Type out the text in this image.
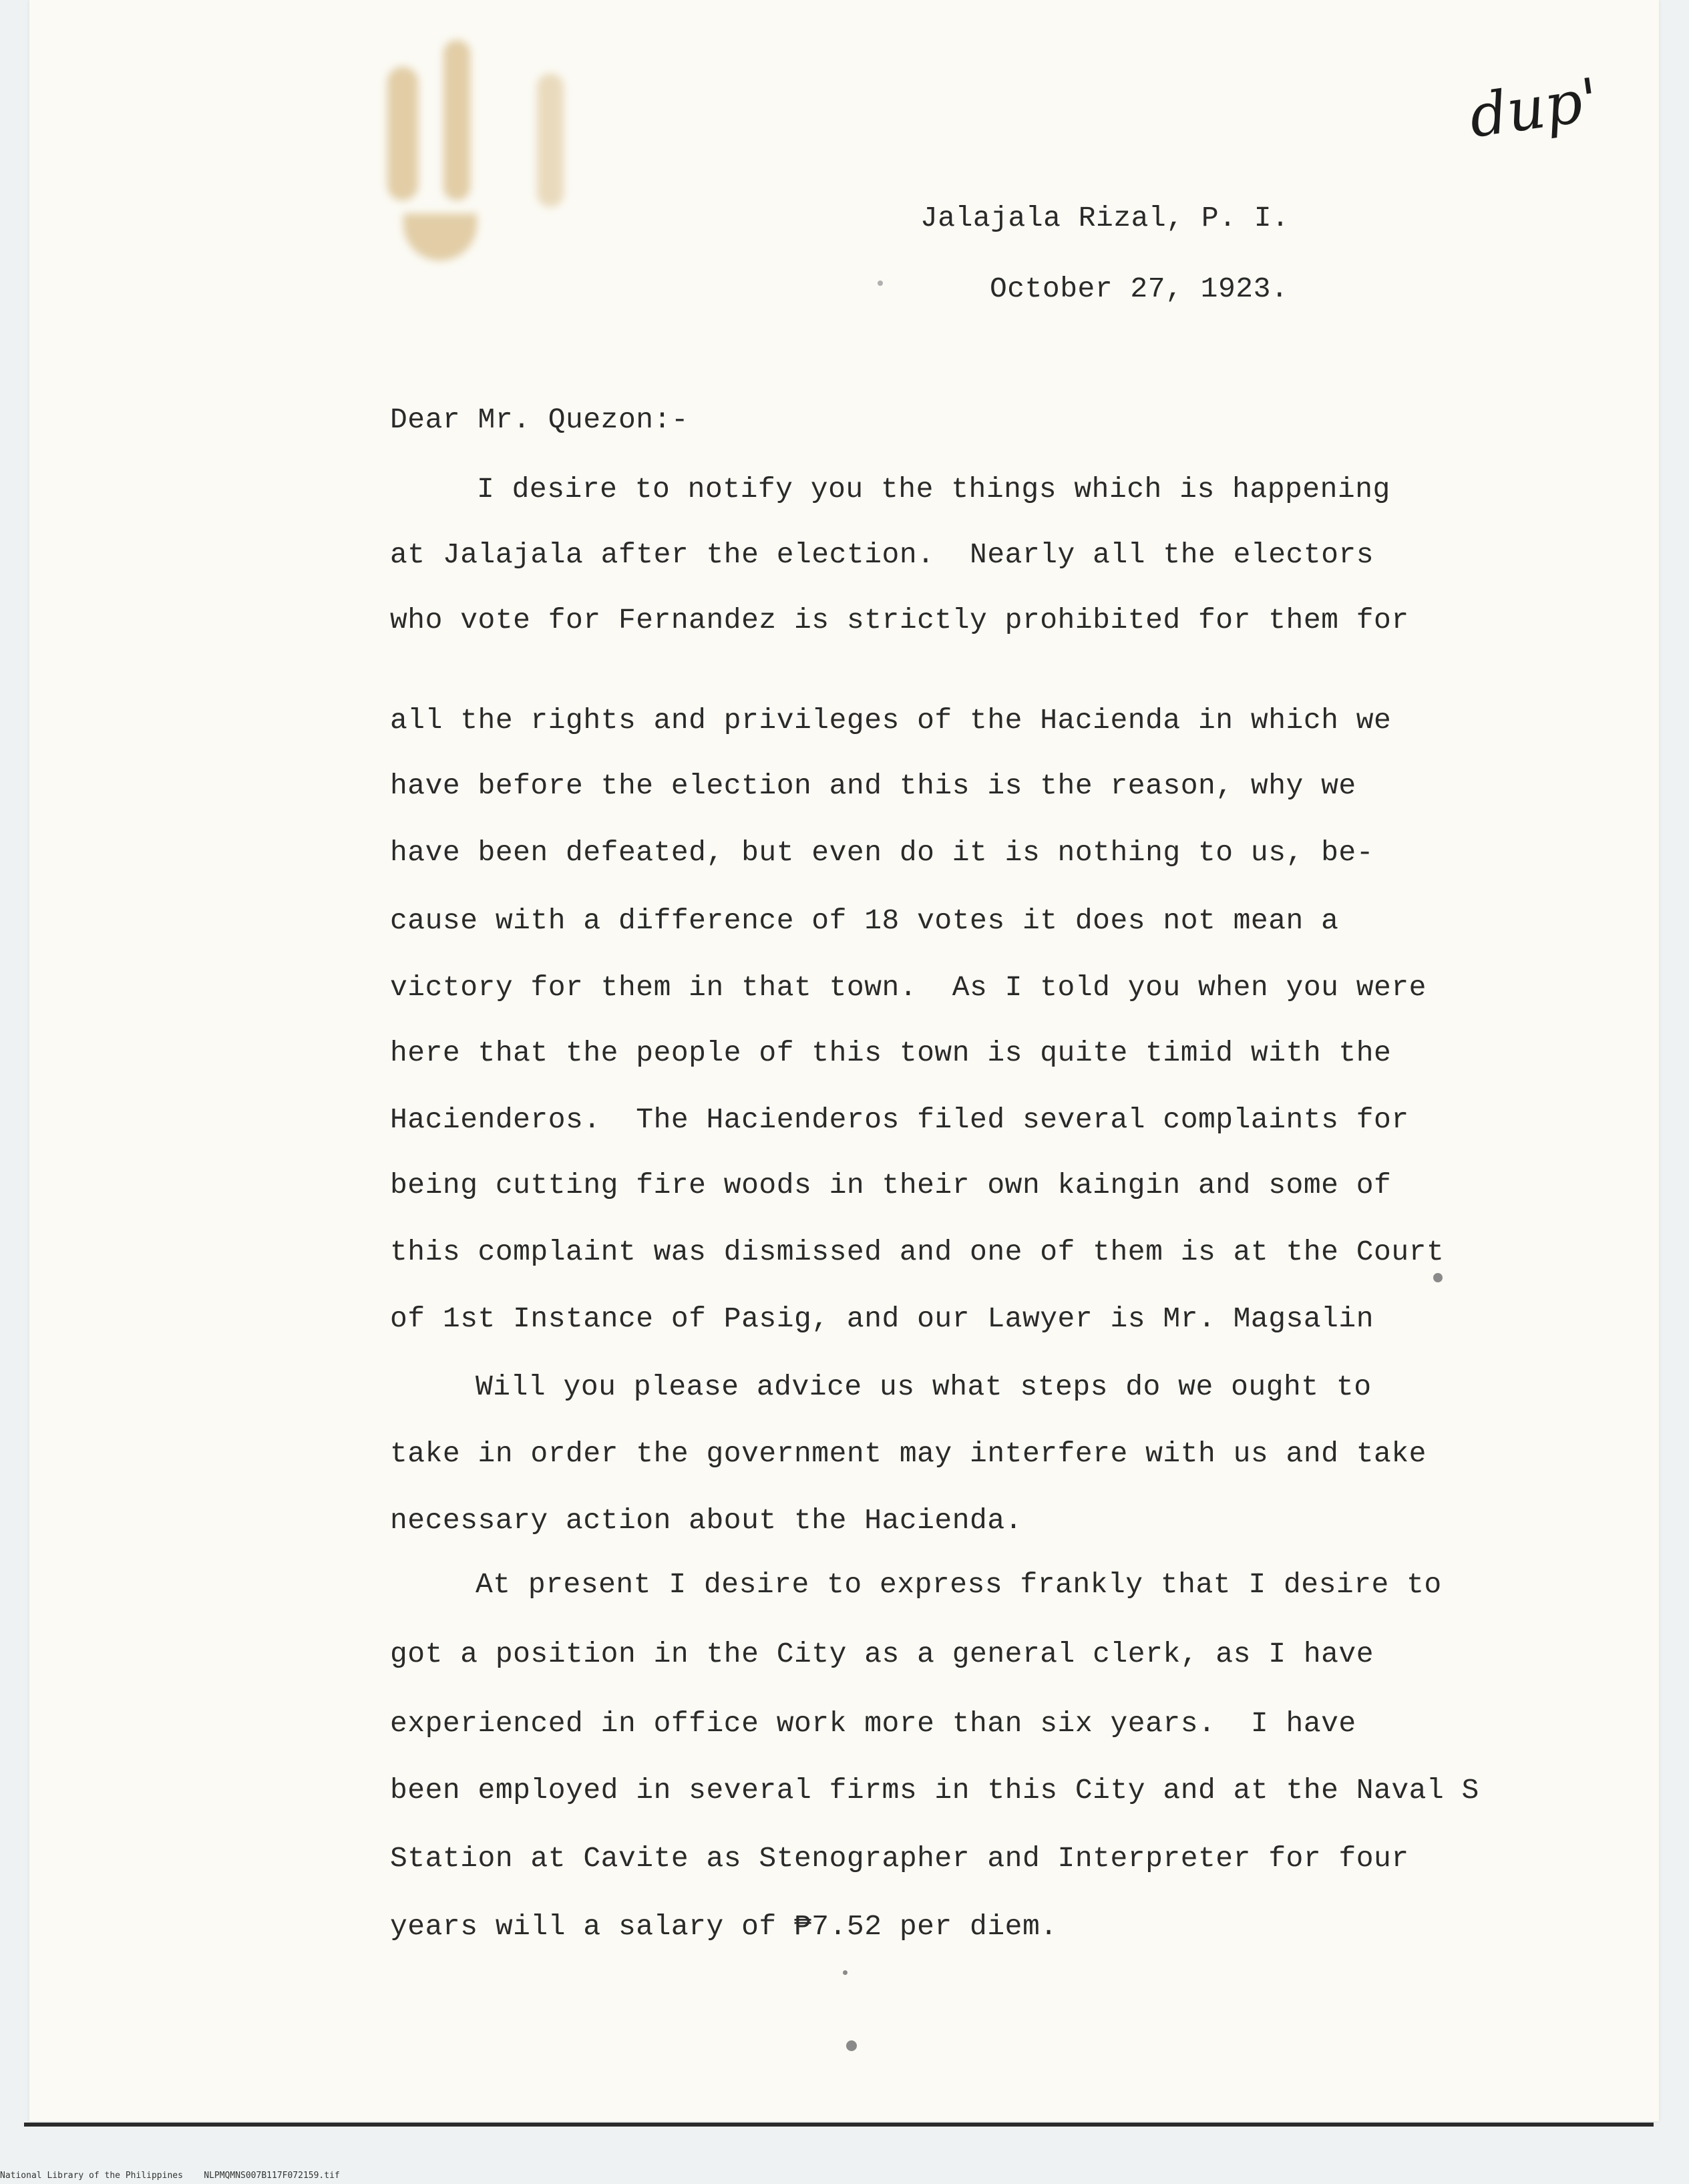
dup'
Jalajala Rizal, P. I.
October 27, 1923.
Dear Mr. Quezon:-
I desire to notify you the things which is happening
at Jalajala after the election.  Nearly all the electors
who vote for Fernandez is strictly prohibited for them for
all the rights and privileges of the Hacienda in which we
have before the election and this is the reason, why we
have been defeated, but even do it is nothing to us, be-
cause with a difference of 18 votes it does not mean a
victory for them in that town.  As I told you when you were
here that the people of this town is quite timid with the
Hacienderos.  The Hacienderos filed several complaints for
being cutting fire woods in their own kaingin and some of
this complaint was dismissed and one of them is at the Court
of 1st Instance of Pasig, and our Lawyer is Mr. Magsalin
Will you please advice us what steps do we ought to
take in order the government may interfere with us and take
necessary action about the Hacienda.
At present I desire to express frankly that I desire to
got a position in the City as a general clerk, as I have
experienced in office work more than six years.  I have
been employed in several firms in this City and at the Naval S
Station at Cavite as Stenographer and Interpreter for four
years will a salary of ₱7.52 per diem.
National Library of the Philippines    NLPMQMNS007B117F072159.tif
